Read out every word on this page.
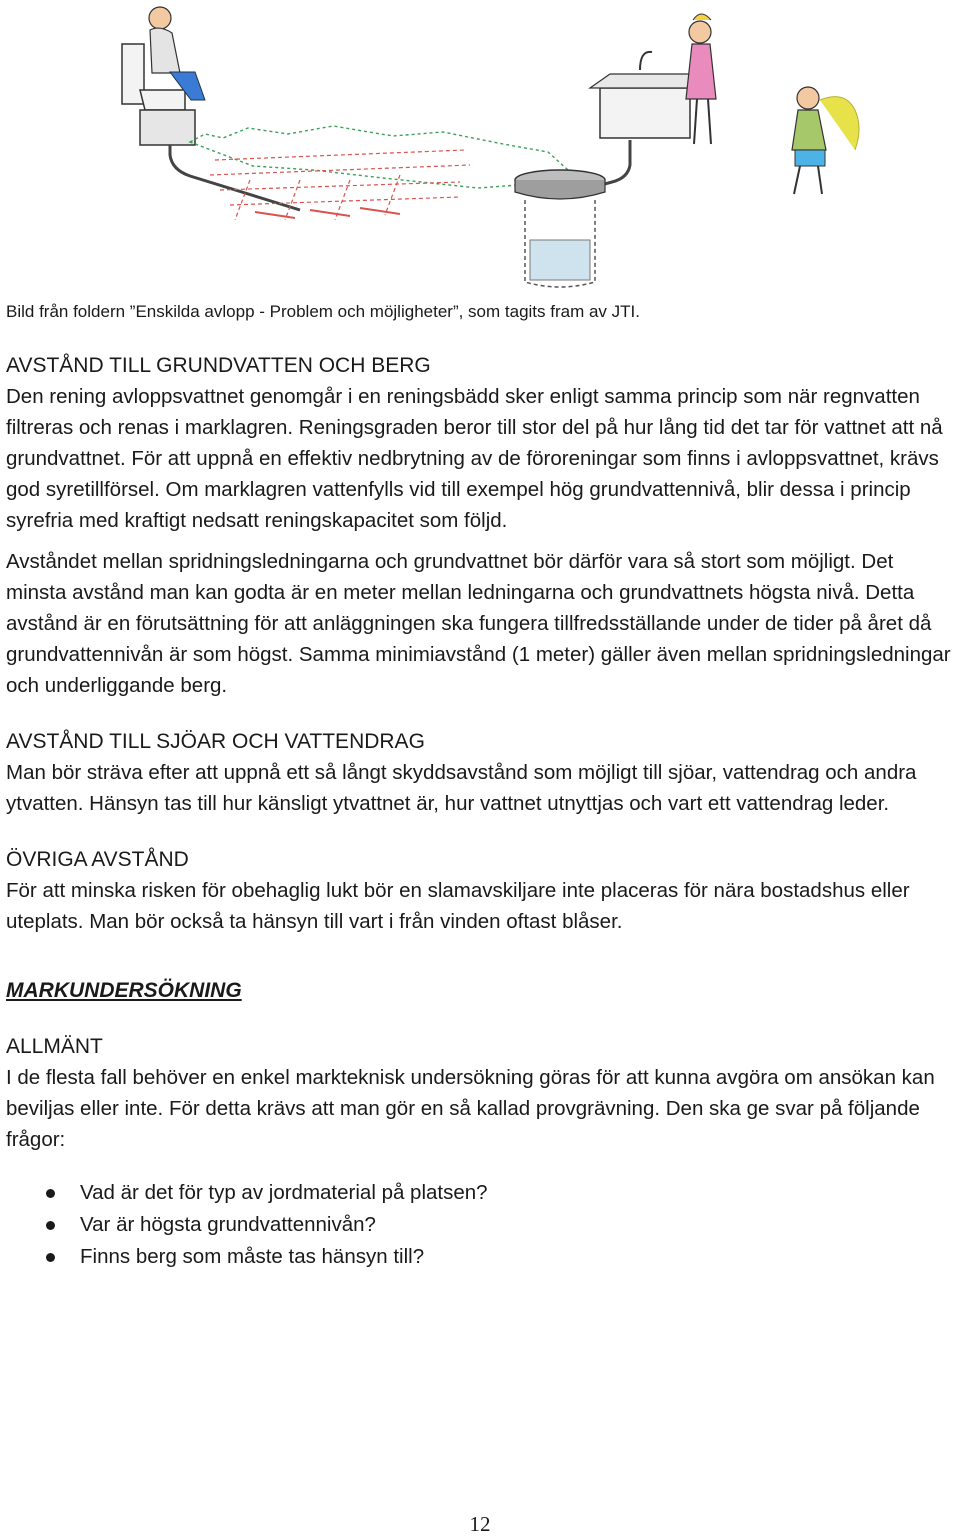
Bild från foldern ”Enskilda avlopp - Problem och möjligheter”, som tagits fram av JTI.

AVSTÅND TILL GRUNDVATTEN OCH BERG

Den rening avloppsvattnet genomgår i en reningsbädd sker enligt samma princip som när regnvatten filtreras och renas i marklagren. Reningsgraden beror till stor del på hur lång tid det tar för vattnet att nå grundvattnet. För att uppnå en effektiv nedbrytning av de föroreningar som finns i avloppsvattnet, krävs god syretillförsel. Om marklagren vattenfylls vid till exempel hög grundvattennivå, blir dessa i princip syrefria med kraftigt nedsatt reningskapacitet som följd.

Avståndet mellan spridningsledningarna och grundvattnet bör därför vara så stort som möjligt. Det minsta avstånd man kan godta är en meter mellan ledningarna och grundvattnets högsta nivå. Detta avstånd är en förutsättning för att anläggningen ska fungera tillfredsställande under de tider på året då grundvattennivån är som högst. Samma minimiavstånd (1 meter) gäller även mellan spridningsledningar och underliggande berg.

AVSTÅND TILL SJÖAR OCH VATTENDRAG

Man bör sträva efter att uppnå ett så långt skyddsavstånd som möjligt till sjöar, vattendrag och andra ytvatten. Hänsyn tas till hur känsligt ytvattnet är, hur vattnet utnyttjas och vart ett vattendrag leder.

ÖVRIGA AVSTÅND

För att minska risken för obehaglig lukt bör en slamavskiljare inte placeras för nära bostadshus eller uteplats. Man bör också ta hänsyn till vart i från vinden oftast blåser.

MARKUNDERSÖKNING

ALLMÄNT

I de flesta fall behöver en enkel markteknisk undersökning göras för att kunna avgöra om ansökan kan beviljas eller inte. För detta krävs att man gör en så kallad provgrävning. Den ska ge svar på följande frågor:

Vad är det för typ av jordmaterial på platsen?
Var är högsta grundvattennivån?
Finns berg som måste tas hänsyn till?
12
